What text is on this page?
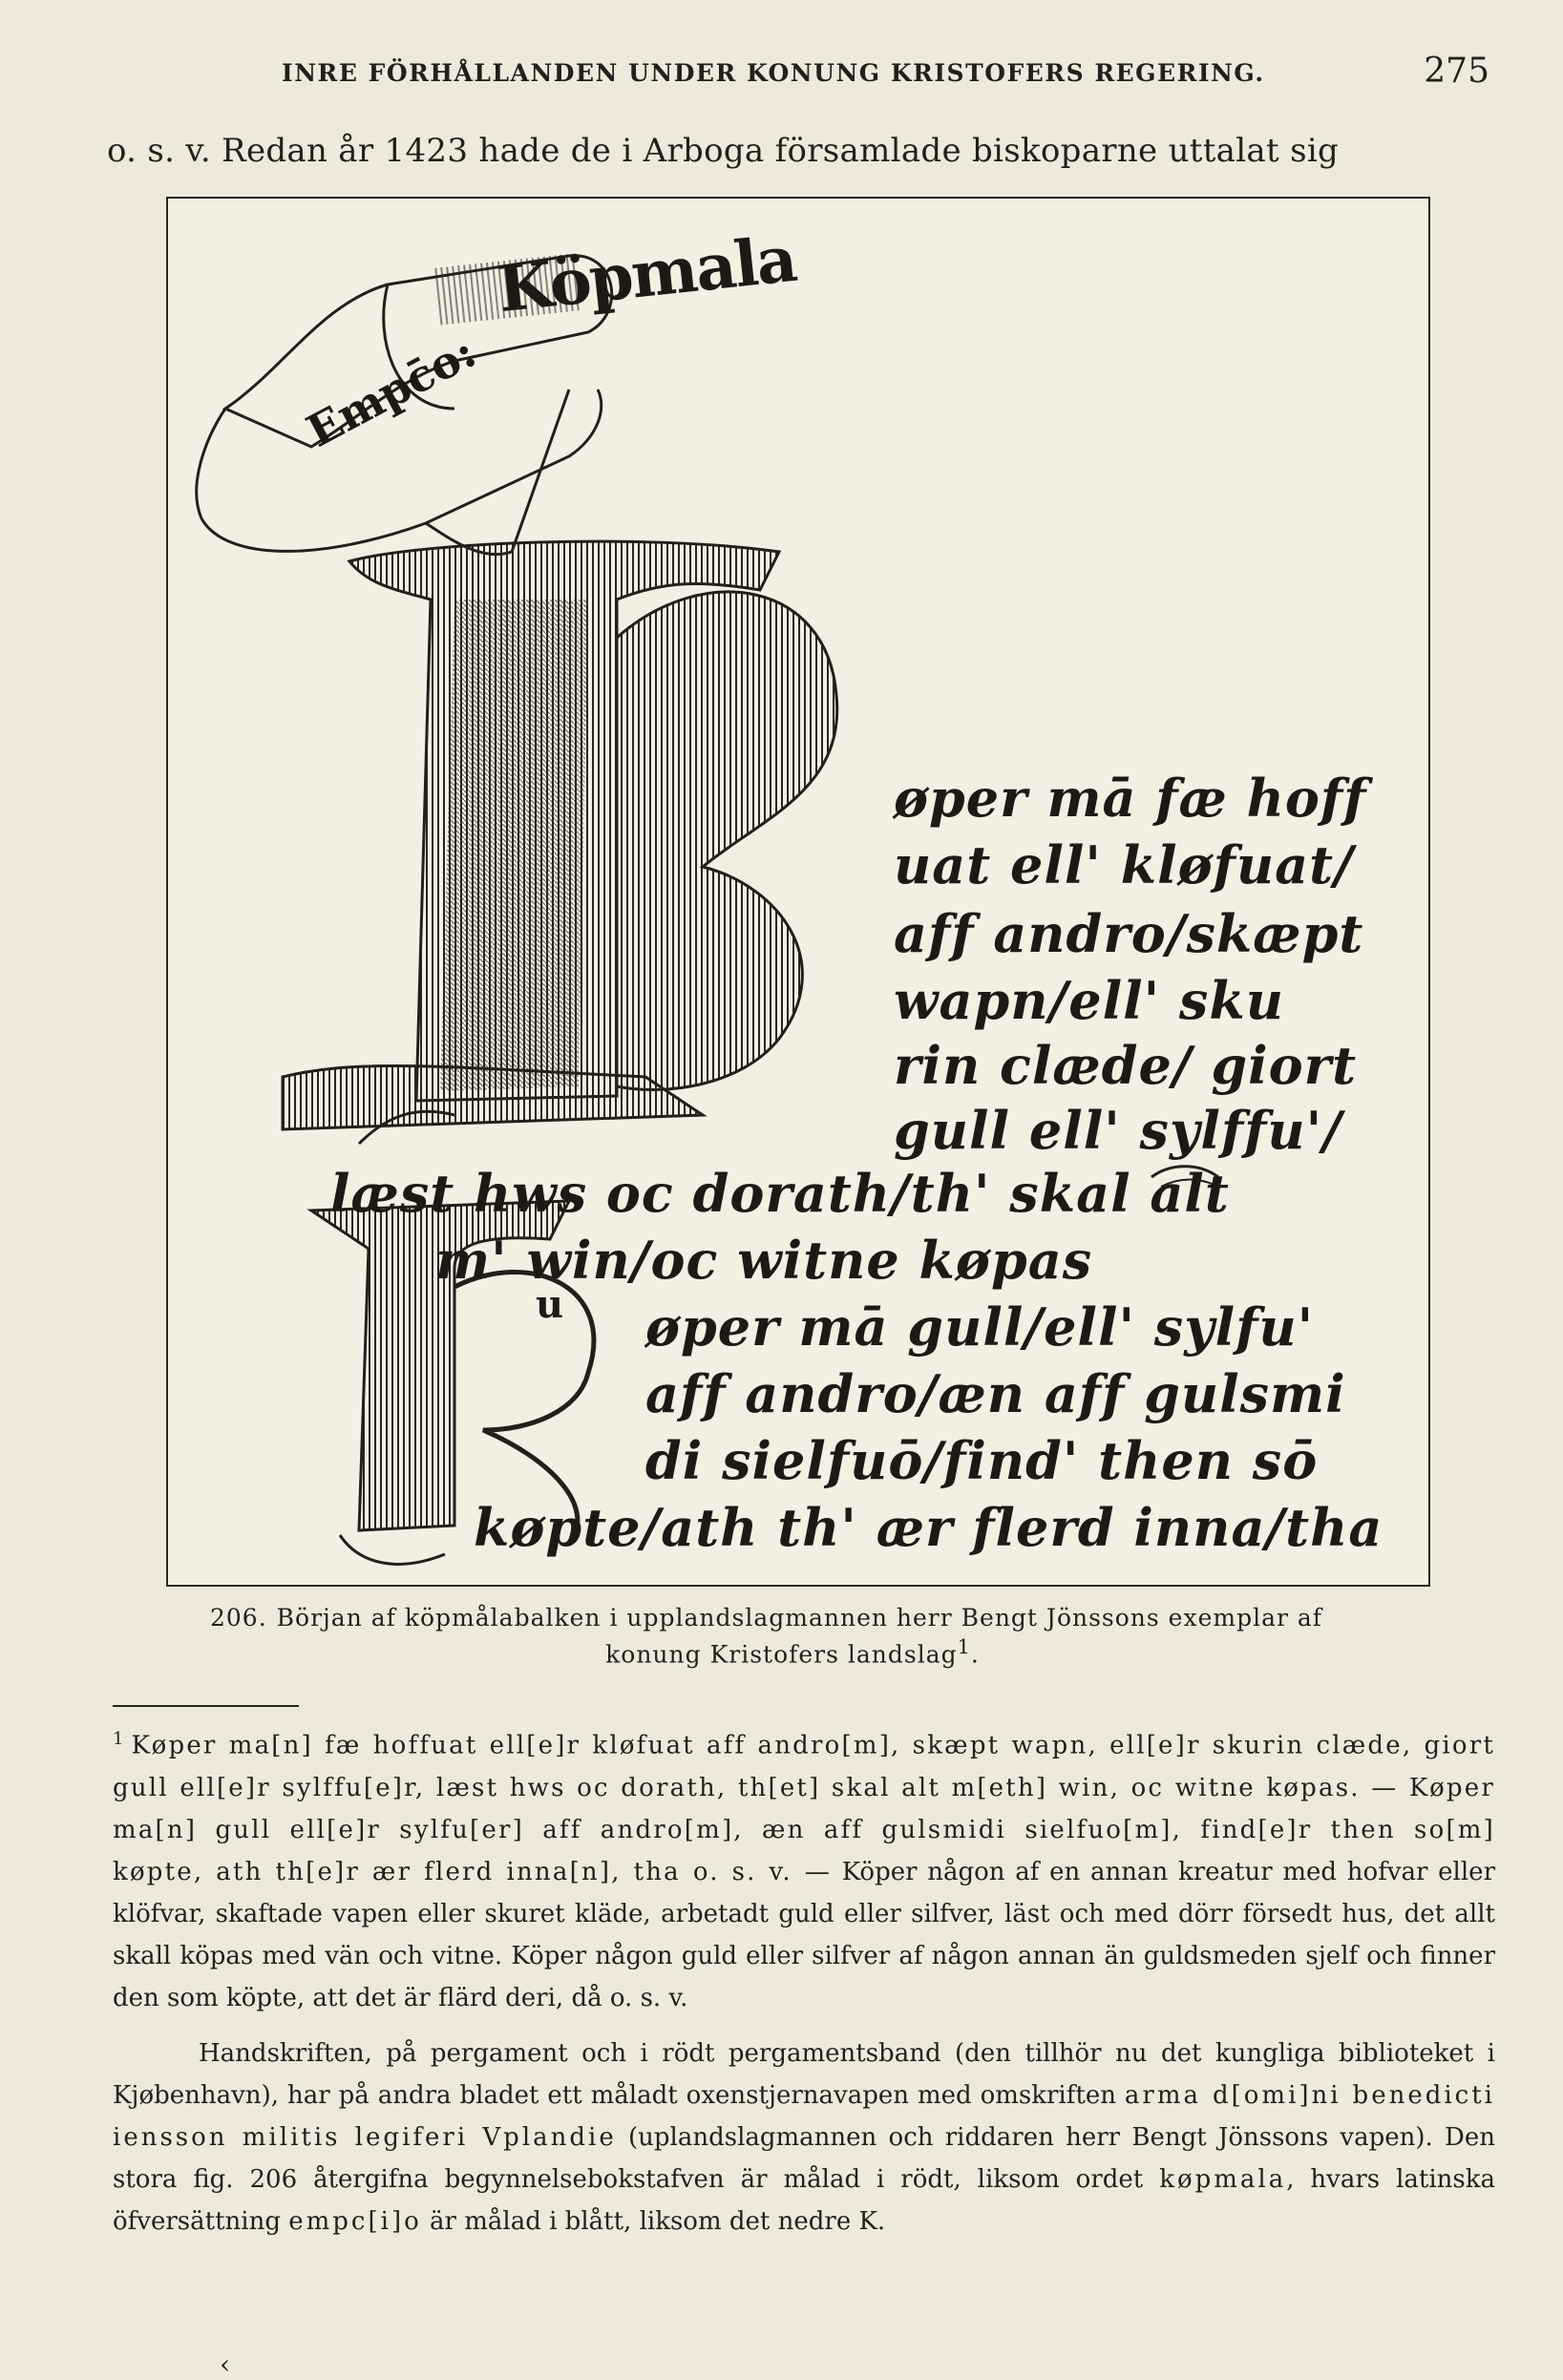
INRE FÖRHÅLLANDEN UNDER KONUNG KRISTOFERS REGERING.	275
o. s. v. Redan år 1423 hade de i Arboga församlade biskoparne uttalat sig
Köpmala
Empc̄o:
u
øper mā fæ hoff
uat ell' kløfuat/
aff andro/skæpt
wapn/ell' sku
rin clæde/ giort
gull ell' sylffu'/
læst hws oc dorath/th' skal alt
m' win/oc witne køpas
øper mā gull/ell' sylfu'
aff andro/æn aff gulsmi
di sielfuō/find' then sō
køpte/ath th' ær flerd inna/tha
206. Början af köpmålabalken i upplandslagmannen herr Bengt Jönssons exemplar af
konung Kristofers landslag$^1$.

$^1$ Køper ma[n] fæ hoffuat ell[e]r kløfuat aff andro[m], skæpt wapn, ell[e]r skurin clæde, giort gull ell[e]r sylffu[e]r, læst hws oc dorath, th[et] skal alt m[eth] win, oc witne køpas. — Køper ma[n] gull ell[e]r sylfu[er] aff andro[m], æn aff gulsmidi sielfuo[m], find[e]r then so[m] køpte, ath th[e]r ær flerd inna[n], tha o. s. v. — Köper någon af en annan kreatur med hofvar eller klöfvar, skaftade vapen eller skuret kläde, arbetadt guld eller silfver, läst och med dörr försedt hus, det allt skall köpas med vän och vitne. Köper någon guld eller silfver af någon annan än guldsmeden sjelf och finner den som köpte, att det är flärd deri, då o. s. v.

Handskriften, på pergament och i rödt pergamentsband (den tillhör nu det kungliga biblioteket i Kjøbenhavn), har på andra bladet ett måladt oxenstjernavapen med omskriften arma d[omi]ni benedicti iensson militis legiferi Vplandie (uplandslagmannen och riddaren herr Bengt Jönssons vapen). Den stora fig. 206 återgifna begynnelsebokstafven är målad i rödt, liksom ordet køpmala, hvars latinska öfversättning empc[i]o är målad i blått, liksom det nedre K.

‹
